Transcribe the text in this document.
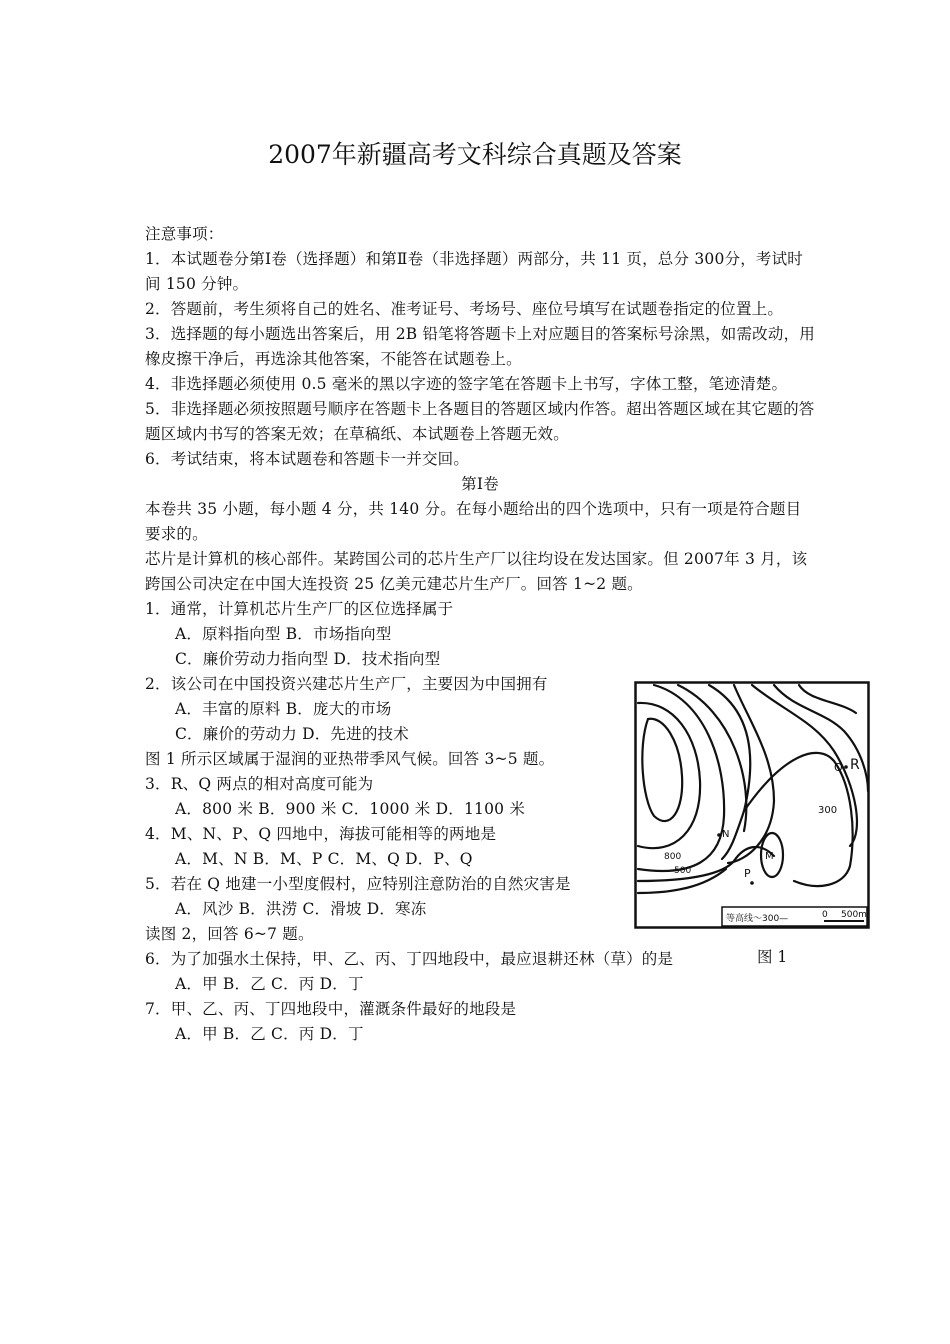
2007年新疆高考文科综合真题及答案

注意事项：

1．本试题卷分第Ⅰ卷（选择题）和第Ⅱ卷（非选择题）两部分，共 11 页，总分 300分，考试时间 150 分钟。

2．答题前，考生须将自己的姓名、准考证号、考场号、座位号填写在试题卷指定的位置上。

3．选择题的每小题选出答案后，用 2B 铅笔将答题卡上对应题目的答案标号涂黑，如需改动，用橡皮擦干净后，再选涂其他答案，不能答在试题卷上。

4．非选择题必须使用 0.5 毫米的黑以字迹的签字笔在答题卡上书写，字体工整，笔迹清楚。

5．非选择题必须按照题号顺序在答题卡上各题目的答题区域内作答。超出答题区域在其它题的答题区域内书写的答案无效；在草稿纸、本试题卷上答题无效。

6．考试结束，将本试题卷和答题卡一并交回。

第Ⅰ卷

本卷共 35 小题，每小题 4 分，共 140 分。在每小题给出的四个选项中，只有一项是符合题目要求的。

芯片是计算机的核心部件。某跨国公司的芯片生产厂以往均设在发达国家。但 2007年 3 月，该跨国公司决定在中国大连投资 25 亿美元建芯片生产厂。回答 1~2 题。

1．通常，计算机芯片生产厂的区位选择属于

A．原料指向型 B．市场指向型

C．廉价劳动力指向型 D．技术指向型

2．该公司在中国投资兴建芯片生产厂，主要因为中国拥有

A．丰富的原料 B．庞大的市场

C．廉价的劳动力 D．先进的技术

图 1 所示区域属于湿润的亚热带季风气候。回答 3~5 题。

3．R、Q 两点的相对高度可能为

A．800 米 B．900 米 C．1000 米 D．1100 米

4．M、N、P、Q 四地中，海拔可能相等的两地是

A．M、N B．M、P C．M、Q D．P、Q

5．若在 Q 地建一小型度假村，应特别注意防治的自然灾害是

A．风沙 B．洪涝 C．滑坡 D．寒冻

读图 2，回答 6~7 题。

6．为了加强水土保持，甲、乙、丙、丁四地段中，最应退耕还林（草）的是

A．甲 B．乙 C．丙 D．丁

7．甲、乙、丙、丁四地段中，灌溉条件最好的地段是

A．甲 B．乙 C．丙 D．丁

Q R
300
N
M
800
500	P
等高线～300—	0 500m
图 1
